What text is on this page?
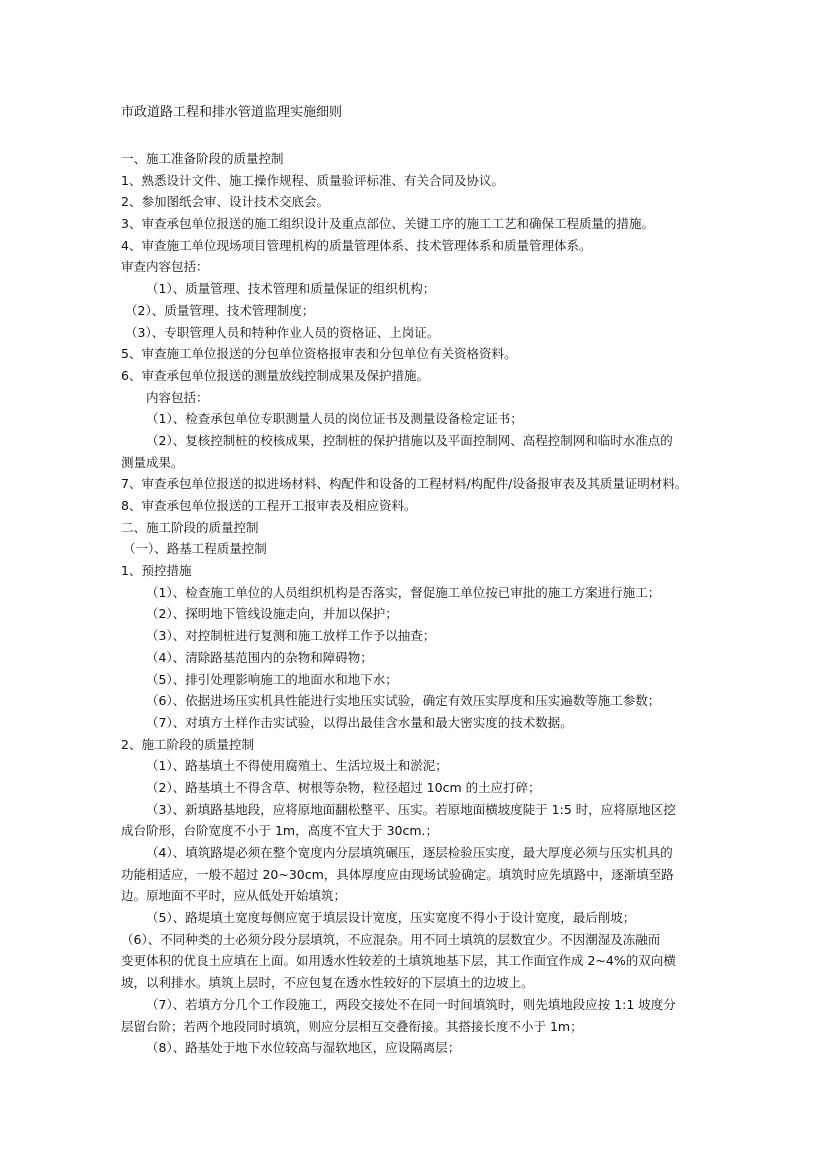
市政道路工程和排水管道监理实施细则
一、施工准备阶段的质量控制
1、熟悉设计文件、施工操作规程、质量验评标准、有关合同及协议。
2、参加图纸会审、设计技术交底会。
3、审查承包单位报送的施工组织设计及重点部位、关键工序的施工工艺和确保工程质量的措施。
4、审查施工单位现场项目管理机构的质量管理体系、技术管理体系和质量管理体系。
审查内容包括：
（1）、质量管理、技术管理和质量保证的组织机构；
（2）、质量管理、技术管理制度；
（3）、专职管理人员和特种作业人员的资格证、上岗证。
5、审查施工单位报送的分包单位资格报审表和分包单位有关资格资料。
6、审查承包单位报送的测量放线控制成果及保护措施。
内容包括：
（1）、检查承包单位专职测量人员的岗位证书及测量设备检定证书；
（2）、复核控制桩的校核成果，控制桩的保护措施以及平面控制网、高程控制网和临时水准点的
测量成果。
7、审查承包单位报送的拟进场材料、构配件和设备的工程材料/构配件/设备报审表及其质量证明材料。
8、审查承包单位报送的工程开工报审表及相应资料。
二、施工阶段的质量控制
（一）、路基工程质量控制
1、预控措施
（1）、检查施工单位的人员组织机构是否落实，督促施工单位按已审批的施工方案进行施工；
（2）、探明地下管线设施走向，并加以保护；
（3）、对控制桩进行复测和施工放样工作予以抽查；
（4）、清除路基范围内的杂物和障碍物；
（5）、排引处理影响施工的地面水和地下水；
（6）、依据进场压实机具性能进行实地压实试验，确定有效压实厚度和压实遍数等施工参数；
（7）、对填方土样作击实试验，以得出最佳含水量和最大密实度的技术数据。
2、施工阶段的质量控制
（1）、路基填土不得使用腐殖土、生活垃圾土和淤泥；
（2）、路基填土不得含草、树根等杂物，粒径超过 10cm 的土应打碎；
（3）、新填路基地段，应将原地面翻松整平、压实。若原地面横坡度陡于 1:5 时，应将原地区挖
成台阶形，台阶宽度不小于 1m，高度不宜大于 30cm.；
（4）、填筑路堤必须在整个宽度内分层填筑碾压，逐层检验压实度，最大厚度必须与压实机具的
功能相适应，一般不超过 20~30cm，具体厚度应由现场试验确定。填筑时应先填路中，逐渐填至路
边。原地面不平时，应从低处开始填筑；
（5）、路堤填土宽度每侧应宽于填层设计宽度，压实宽度不得小于设计宽度，最后削坡；
（6）、不同种类的土必须分段分层填筑，不应混杂。用不同土填筑的层数宜少。不因潮湿及冻融而
变更体积的优良土应填在上面。如用透水性较差的土填筑地基下层，其工作面宜作成 2~4%的双向横
坡，以利排水。填筑上层时，不应包复在透水性较好的下层填土的边坡上。
（7）、若填方分几个工作段施工，两段交接处不在同一时间填筑时，则先填地段应按 1:1 坡度分
层留台阶；若两个地段同时填筑，则应分层相互交叠衔接。其搭接长度不小于 1m；
（8）、路基处于地下水位较高与湿软地区，应设隔离层；
